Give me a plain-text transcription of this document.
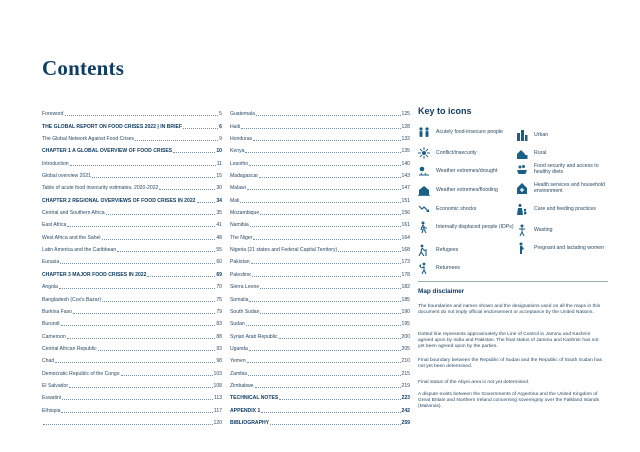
Contents
Foreword	5
THE GLOBAL REPORT ON FOOD CRISES 2022 | IN BRIEF	6
The Global Network Against Food Crises	9
CHAPTER 1 A GLOBAL OVERVIEW OF FOOD CRISES	10
Introduction	11
Global overview 2021	15
Table of acute food insecurity estimates, 2020-2022	30
CHAPTER 2 REGIONAL OVERVIEWS OF FOOD CRISES IN 2022	34
Central and Southern Africa	35
East Africa	41
West Africa and the Sahel	48
Latin America and the Caribbean	55
Eurasia	60
CHAPTER 3 MAJOR FOOD CRISES IN 2022	69
Angola	70
Bangladesh (Cox's Bazar)	75
Burkina Faso	79
Burundi	83
Cameroon	88
Central African Republic	93
Chad	98
Democratic Republic of the Congo	103
El Salvador	108
Eswatini	113
Ethiopia	117
120
Guatemala	125
Haiti	128
Honduras	132
Kenya	135
Lesotho	140
Madagascar	143
Malawi	147
Mali	151
Mozambique	156
Namibia	161
The Niger	164
Nigeria (21 states and Federal Capital Territory)	168
Pakistan	173
Palestine	178
Sierra Leone	182
Somalia	185
South Sudan	190
Sudan	195
Syrian Arab Republic	200
Uganda	205
Yemen	210
Zambia	215
Zimbabwe	219
TECHNICAL NOTES	223
APPENDIX 1	242
BIBLIOGRAPHY	259
Key to icons
Acutely food-insecure people
Conflict/insecurity
Weather extremes/drought
Weather extremes/flooding
Economic shocks
Internally displaced people (IDPs)
Refugees
Returnees
Urban
Rural
Food security and access to healthy diets
Health services and household environment
Care and feeding practices
Wasting
Pregnant and lactating women
Map disclaimer
The boundaries and names shown and the designations used on all the maps in this document do not imply official endorsement or acceptance by the United Nations.
Dotted line represents approximately the Line of Control in Jammu and Kashmir agreed upon by India and Pakistan. The final status of Jammu and Kashmir has not yet been agreed upon by the parties.
Final boundary between the Republic of Sudan and the Republic of South Sudan has not yet been determined.
Final status of the Abyei area is not yet determined.
A dispute exists between the Governments of Argentina and the United Kingdom of Great Britain and Northern Ireland concerning sovereignty over the Falkland Islands (Malvinas).
